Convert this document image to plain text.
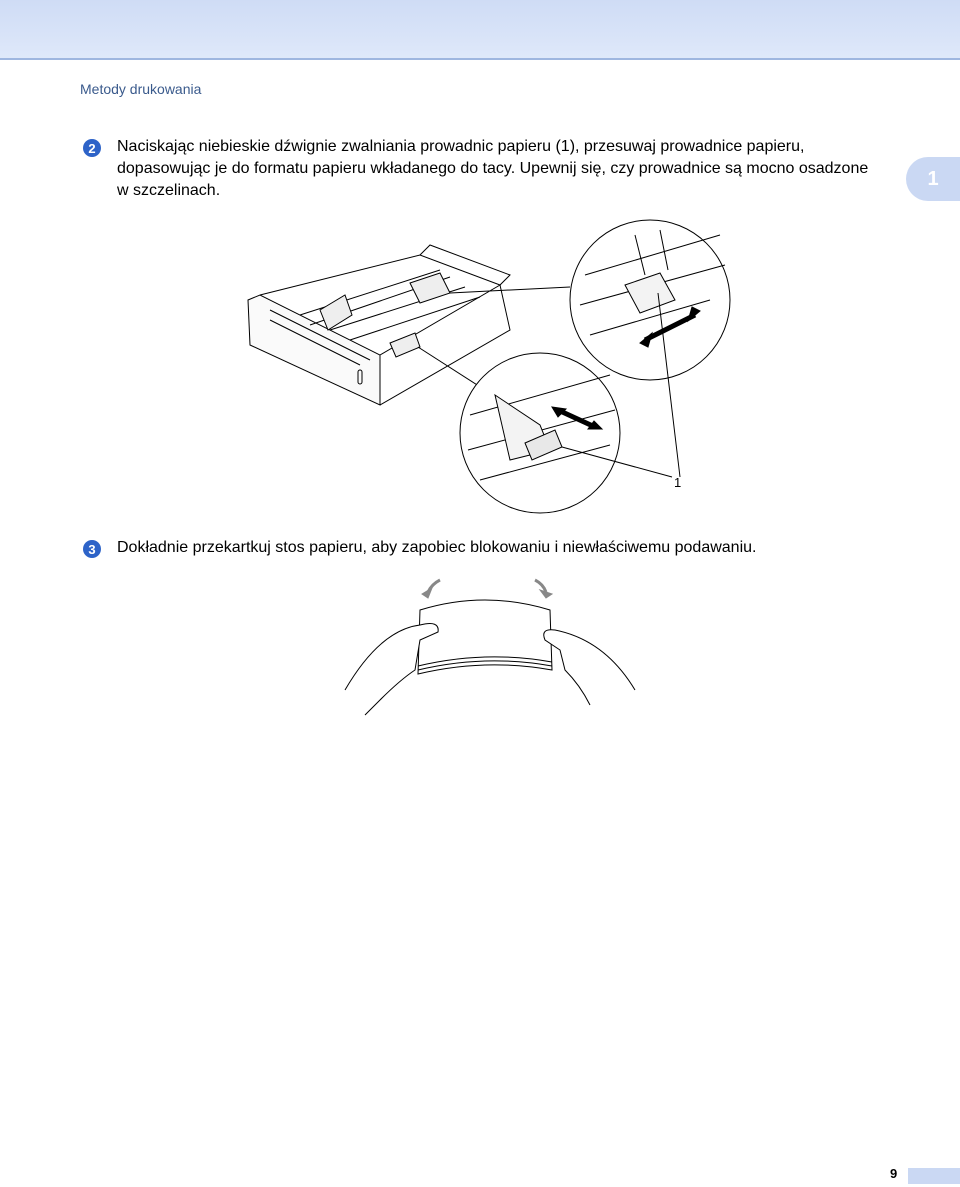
Metody drukowania
1
2	Naciskając niebieskie dźwignie zwalniania prowadnic papieru (1), przesuwaj prowadnice papieru, dopasowując je do formatu papieru wkładanego do tacy. Upewnij się, czy prowadnice są mocno osadzone w szczelinach.
1
3	Dokładnie przekartkuj stos papieru, aby zapobiec blokowaniu i niewłaściwemu podawaniu.
9
